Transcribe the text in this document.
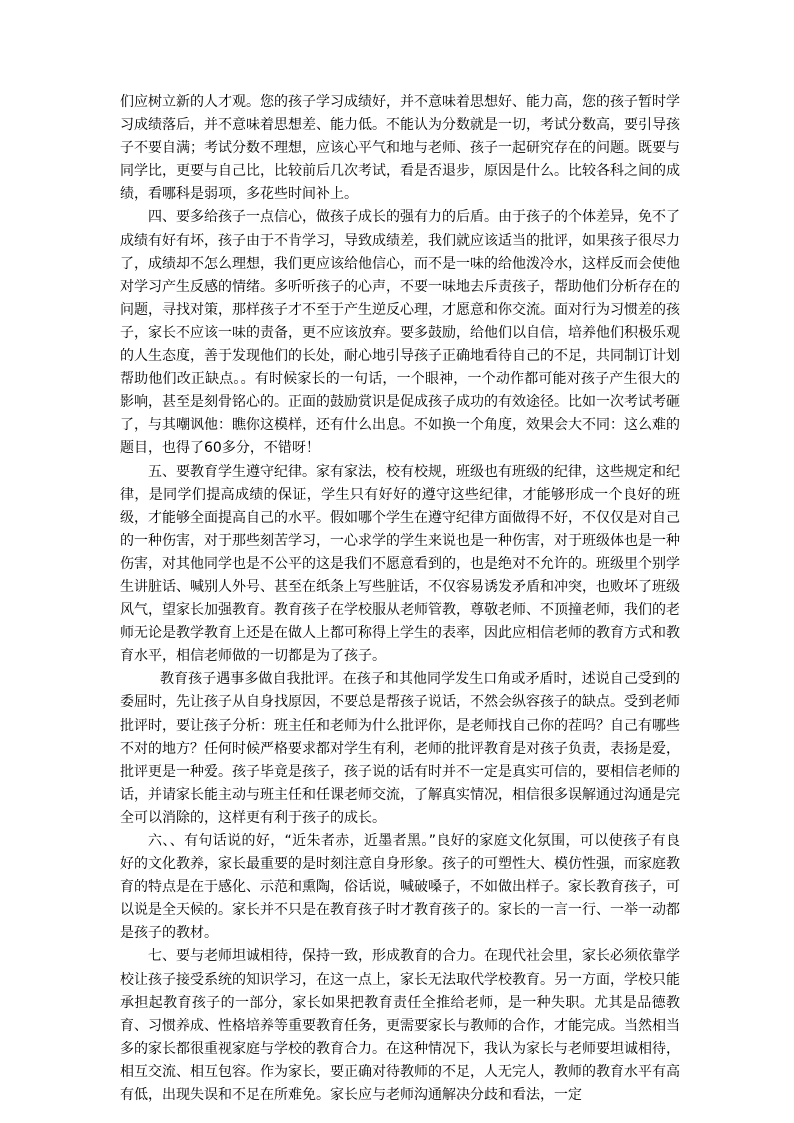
们应树立新的人才观。您的孩子学习成绩好，并不意味着思想好、能力高，您的孩子暂时学习成绩落后，并不意味着思想差、能力低。不能认为分数就是一切，考试分数高，要引导孩子不要自满；考试分数不理想，应该心平气和地与老师、孩子一起研究存在的问题。既要与同学比，更要与自己比，比较前后几次考试，看是否退步，原因是什么。比较各科之间的成绩，看哪科是弱项，多花些时间补上。

四、要多给孩子一点信心，做孩子成长的强有力的后盾。由于孩子的个体差异，免不了成绩有好有坏，孩子由于不肯学习，导致成绩差，我们就应该适当的批评，如果孩子很尽力了，成绩却不怎么理想，我们更应该给他信心，而不是一味的给他泼冷水，这样反而会使他对学习产生反感的情绪。多听听孩子的心声，不要一味地去斥责孩子，帮助他们分析存在的问题，寻找对策，那样孩子才不至于产生逆反心理，才愿意和你交流。面对行为习惯差的孩子，家长不应该一味的责备，更不应该放弃。要多鼓励，给他们以自信，培养他们积极乐观的人生态度，善于发现他们的长处，耐心地引导孩子正确地看待自己的不足，共同制订计划帮助他们改正缺点。。有时候家长的一句话，一个眼神，一个动作都可能对孩子产生很大的影响，甚至是刻骨铭心的。正面的鼓励赏识是促成孩子成功的有效途径。比如一次考试考砸了，与其嘲讽他：瞧你这模样，还有什么出息。不如换一个角度，效果会大不同：这么难的题目，也得了60多分，不错呀！

五、要教育学生遵守纪律。家有家法，校有校规，班级也有班级的纪律，这些规定和纪律，是同学们提高成绩的保证，学生只有好好的遵守这些纪律，才能够形成一个良好的班级，才能够全面提高自己的水平。假如哪个学生在遵守纪律方面做得不好，不仅仅是对自己的一种伤害，对于那些刻苦学习，一心求学的学生来说也是一种伤害，对于班级体也是一种伤害，对其他同学也是不公平的这是我们不愿意看到的，也是绝对不允许的。班级里个别学生讲脏话、喊别人外号、甚至在纸条上写些脏话，不仅容易诱发矛盾和冲突，也败坏了班级风气，望家长加强教育。教育孩子在学校服从老师管教，尊敬老师、不顶撞老师，我们的老师无论是教学教育上还是在做人上都可称得上学生的表率，因此应相信老师的教育方式和教育水平，相信老师做的一切都是为了孩子。

教育孩子遇事多做自我批评。在孩子和其他同学发生口角或矛盾时，述说自己受到的委屈时，先让孩子从自身找原因，不要总是帮孩子说话，不然会纵容孩子的缺点。受到老师批评时，要让孩子分析：班主任和老师为什么批评你，是老师找自己你的茬吗？自己有哪些不对的地方？任何时候严格要求都对学生有利，老师的批评教育是对孩子负责，表扬是爱，批评更是一种爱。孩子毕竟是孩子，孩子说的话有时并不一定是真实可信的，要相信老师的话，并请家长能主动与班主任和任课老师交流，了解真实情况，相信很多误解通过沟通是完全可以消除的，这样更有利于孩子的成长。

六、、有句话说的好，“近朱者赤，近墨者黑。”良好的家庭文化氛围，可以使孩子有良好的文化教养，家长最重要的是时刻注意自身形象。孩子的可塑性大、模仿性强，而家庭教育的特点是在于感化、示范和熏陶，俗话说，喊破嗓子，不如做出样子。家长教育孩子，可以说是全天候的。家长并不只是在教育孩子时才教育孩子的。家长的一言一行、一举一动都是孩子的教材。

七、要与老师坦诚相待，保持一致，形成教育的合力。在现代社会里，家长必须依靠学校让孩子接受系统的知识学习，在这一点上，家长无法取代学校教育。另一方面，学校只能承担起教育孩子的一部分，家长如果把教育责任全推给老师，是一种失职。尤其是品德教育、习惯养成、性格培养等重要教育任务，更需要家长与教师的合作，才能完成。当然相当多的家长都很重视家庭与学校的教育合力。在这种情况下，我认为家长与老师要坦诚相待，相互交流、相互包容。作为家长，要正确对待教师的不足，人无完人，教师的教育水平有高有低，出现失误和不足在所难免。家长应与老师沟通解决分歧和看法，一定
